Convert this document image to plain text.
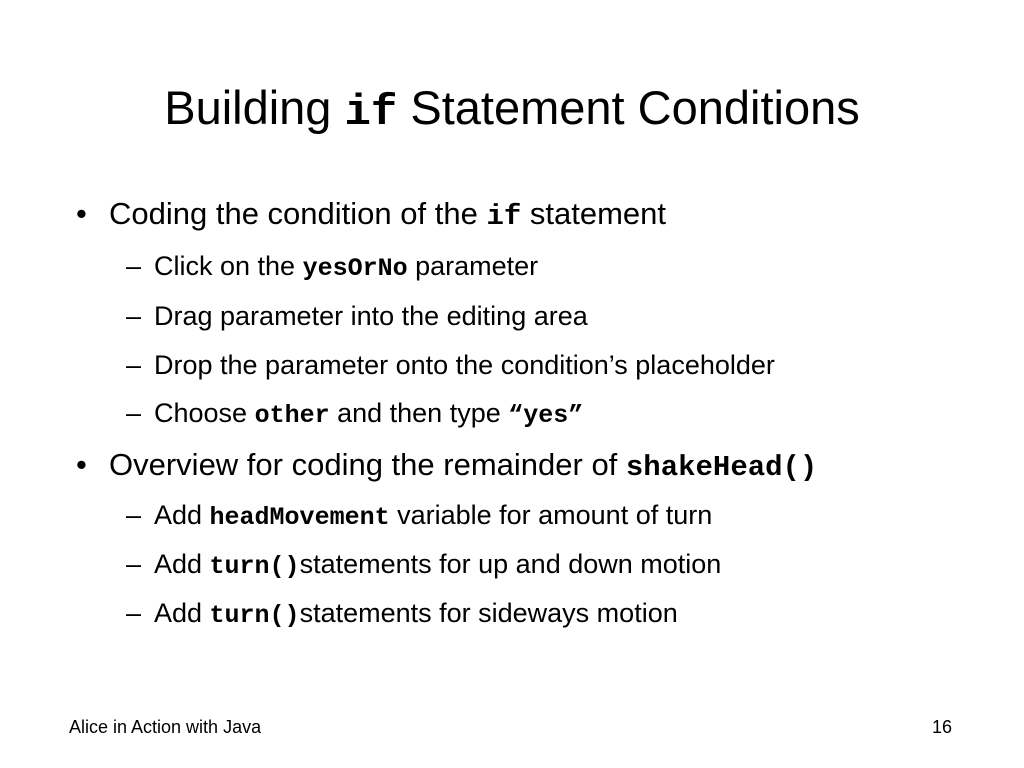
Building if Statement Conditions
• Coding the condition of the if statement
– Click on the yesOrNo parameter
– Drag parameter into the editing area
– Drop the parameter onto the condition’s placeholder
– Choose other and then type “yes”
• Overview for coding the remainder of shakeHead()
– Add headMovement variable for amount of turn
– Add turn()statements for up and down motion
– Add turn()statements for sideways motion
Alice in Action with Java	16
